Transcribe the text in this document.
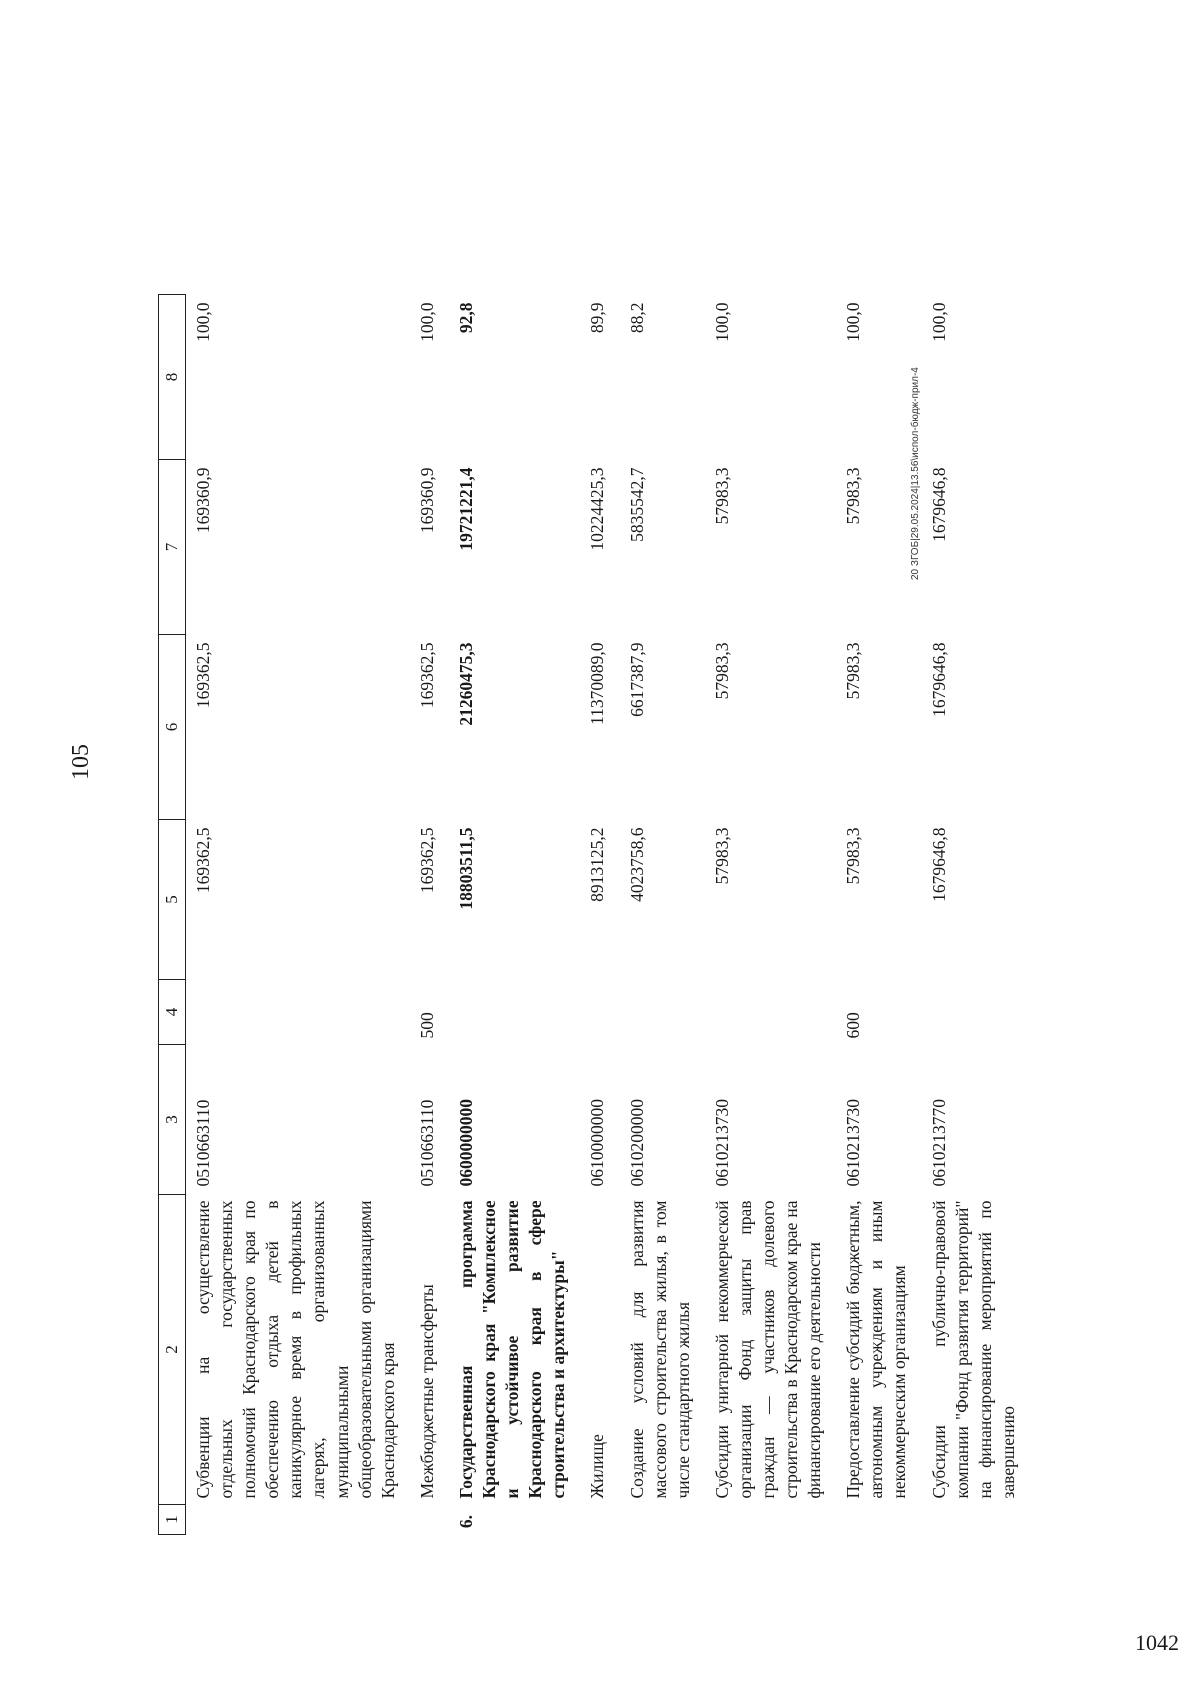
105
1	2	3	4	5	6	7	8
	Субвенции на осуществление отдельных государственных полномочий Краснодарского края по обеспечению отдыха детей в каникулярное время в профильных лагерях, организованных муниципальными общеобразовательными организациями Краснодарского края	0510663110		169362,5	169362,5	169360,9	100,0
	Межбюджетные трансферты	0510663110	500	169362,5	169362,5	169360,9	100,0
6.	Государственная программа Краснодарского края "Комплексное и устойчивое развитие Краснодарского края в сфере строительства и архитектуры"	0600000000		18803511,5	21260475,3	19721221,4	92,8
	Жилище	0610000000		8913125,2	11370089,0	10224425,3	89,9
	Создание условий для развития массового строительства жилья, в том числе стандартного жилья	0610200000		4023758,6	6617387,9	5835542,7	88,2
	Субсидии унитарной некоммерческой организации Фонд защиты прав граждан — участников долевого строительства в Краснодарском крае на финансирование его деятельности	0610213730		57983,3	57983,3	57983,3	100,0
	Предоставление субсидий бюджетным, автономным учреждениям и иным некоммерческим организациям	0610213730	600	57983,3	57983,3	57983,3	100,0
	Субсидии публично-правовой компании "Фонд развития территорий" на финансирование мероприятий по завершению	0610213770		1679646,8	1679646,8	1679646,8	100,0
20 ЗГОБ|29.05.2024|13.56\испол-бюдж-прил-4
1042
